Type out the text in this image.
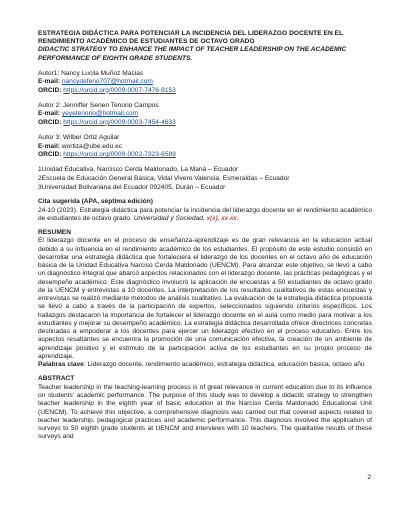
ESTRATEGIA DIDÁCTICA PARA POTENCIAR LA INCIDENCIA DEL LIDERAZGO DOCENTE EN EL RENDIMIENTO ACADÉMICO DE ESTUDIANTES DE OCTAVO GRADO
DIDACTIC STRATEGY TO ENHANCE THE IMPACT OF TEACHER LEADERSHIP ON THE ACADEMIC PERFORMANCE OF EIGHTH GRADE STUDENTS.
Autor1: Nancy Lucila Muñoz Macias
E-mail: nancydefeno707@hotmail.com
ORCID: https://orcid.org/0009-0007-7476-9153
Autor 2: Jenniffer Senen Tenorio Campos
E-mail: yeyetenorio@hotmail.com
ORCID: https://orcid.org/0009-0003-7454-4633
Autor 3: Wilber Ortiz Aguilar
E-mail: wortiza@ube.edu.ec
ORCID: https://orcid.org/0000-0002-7323-6589
1Unidad Educativa, Narcisco Cerda Maldonado, La Maná – Ecuador
2Escuela de Educación General Básica, Vidal Vivero Valencia, Esmeraldas – Ecuador
3Universidad Bolivariana del Ecuador 092405, Durán – Ecuador
Cita sugerida (APA, séptima edición)
24-10 (2023). Estrategia didáctica para potenciar la incidencia del liderazgo docente en el rendimiento académico de estudiantes de octavo grado. Universidad y Sociedad, x(x), xx-xx.
RESUMEN
El liderazgo docente en el proceso de enseñanza-aprendizaje es de gran relevancia en la educación actual debido a su influencia en el rendimiento académico de los estudiantes. El propósito de este estudio consistió en desarrollar una estrategia didáctica que fortaleciera el liderazgo de los docentes en el octavo año de educación básica de la Unidad Educativa Narciso Cerda Maldonado (UENCM). Para alcanzar este objetivo, se llevó a cabo un diagnóstico integral que abarcó aspectos relacionados con el liderazgo docente, las prácticas pedagógicas y el desempeño académico. Este diagnóstico involucró la aplicación de encuestas a 50 estudiantes de octavo grado de la UENCM y entrevistas a 10 docentes. La interpretación de los resultados cualitativos de estas encuestas y entrevistas se realizó mediante métodos de análisis cualitativo. La evaluación de la estrategia didáctica propuesta se llevó a cabo a través de la participación de expertos, seleccionados siguiendo criterios específicos. Los hallazgos destacaron la importancia de fortalecer el liderazgo docente en el aula como medio para motivar a los estudiantes y mejorar su desempeño académico. La estrategia didáctica desarrollada ofrece directrices concretas destinadas a empoderar a los docentes para ejercer un liderazgo efectivo en el proceso educativo. Entre los aspectos resaltantes se encuentra la promoción de una comunicación efectiva, la creación de un ambiente de aprendizaje positivo y el estímulo de la participación activa de los estudiantes en su propio proceso de aprendizaje.
Palabras clave: Liderazgo docente, rendimiento académico, estrategia didáctica, educación básica, octavo año
ABSTRACT
Teacher leadership in the teaching-learning process is of great relevance in current education due to its influence on students' academic performance. The purpose of this study was to develop a didactic strategy to strengthen teacher leadership in the eighth year of basic education at the Narciso Cerda Maldonado Educational Unit (UENCM). To achieve this objective, a comprehensive diagnosis was carried out that covered aspects related to teacher leadership, pedagogical practices and academic performance. This diagnosis involved the application of surveys to 50 eighth grade students at UENCM and interviews with 10 teachers. The qualitative results of these surveys and
2
